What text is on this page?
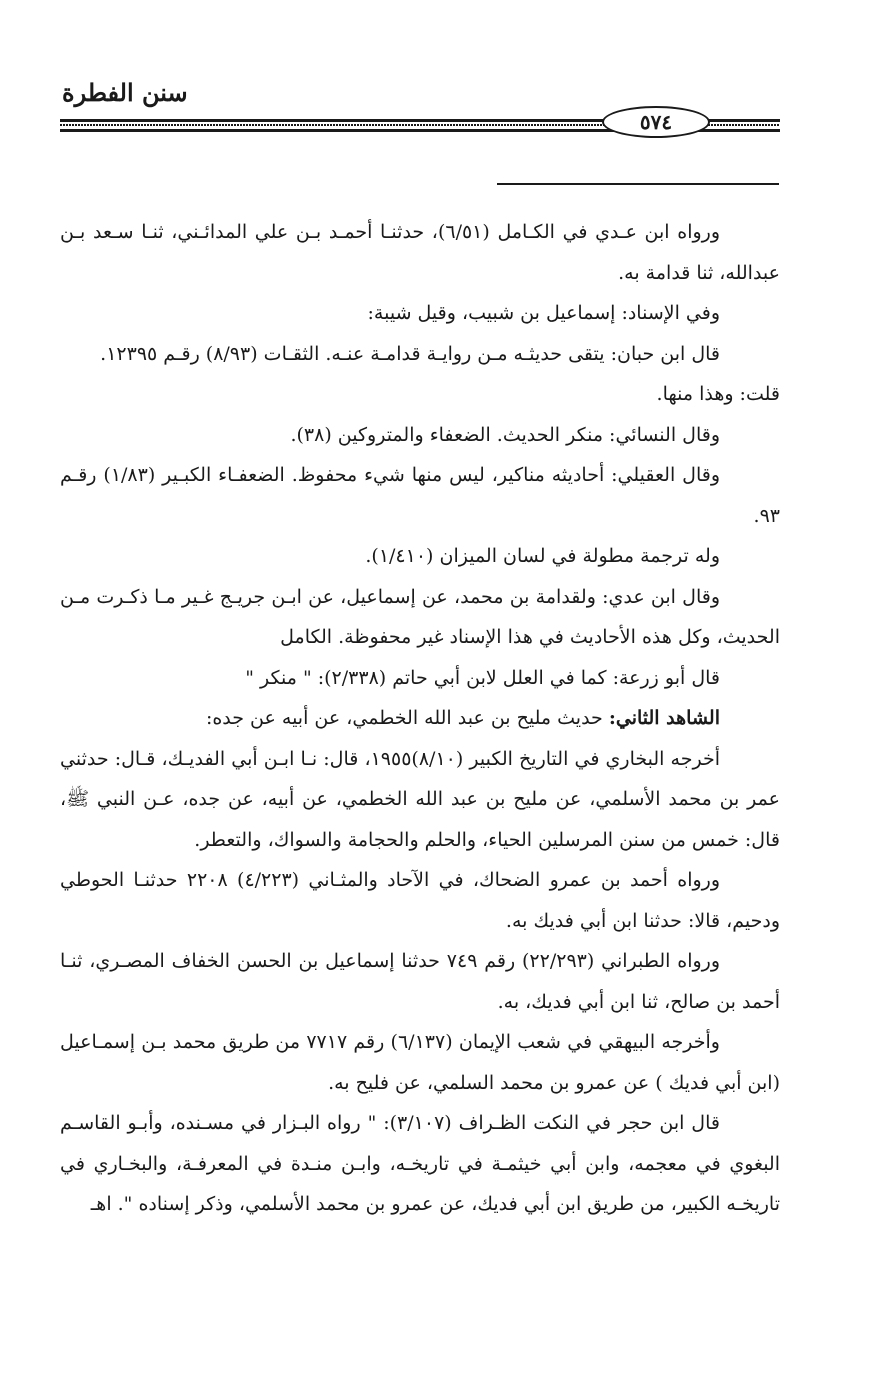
سنن الفطرة
٥٧٤

ورواه ابن عـدي في الكـامل (٦/٥١)، حدثنـا أحمـد بـن علي المدائـني، ثنـا سـعد بـن عبدالله، ثنا قدامة به.

وفي الإسناد: إسماعيل بن شبيب، وقيل شيبة:

قال ابن حبان: يتقى حديثـه مـن روايـة قدامـة عنـه. الثقـات (٨/٩٣) رقـم ١٢٣٩٥.

قلت: وهذا منها.

وقال النسائي: منكر الحديث. الضعفاء والمتروكين (٣٨).

وقال العقيلي: أحاديثه مناكير، ليس منها شيء محفوظ. الضعفـاء الكبـير (١/٨٣) رقـم ٩٣.

وله ترجمة مطولة في لسان الميزان (١/٤١٠).

وقال ابن عدي: ولقدامة بن محمد، عن إسماعيل، عن ابـن جريـج غـير مـا ذكـرت مـن الحديث، وكل هذه الأحاديث في هذا الإسناد غير محفوظة. الكامل

قال أبو زرعة: كما في العلل لابن أبي حاتم (٢/٣٣٨): " منكر "

الشاهد الثاني: حديث مليح بن عبد الله الخطمي، عن أبيه عن جده:

أخرجه البخاري في التاريخ الكبير (٨/١٠)١٩٥٥، قال: نـا ابـن أبي الفديـك، قـال: حدثني عمر بن محمد الأسلمي، عن مليح بن عبد الله الخطمي، عن أبيه، عن جده، عـن النبي ﷺ، قال: خمس من سنن المرسلين الحياء، والحلم والحجامة والسواك، والتعطر.

ورواه أحمد بن عمرو الضحاك، في الآحاد والمثـاني (٤/٢٢٣) ٢٢٠٨ حدثنـا الحوطي ودحيم، قالا: حدثنا ابن أبي فديك به.

ورواه الطبراني (٢٢/٢٩٣) رقم ٧٤٩ حدثنا إسماعيل بن الحسن الخفاف المصـري، ثنـا أحمد بن صالح، ثنا ابن أبي فديك، به.

وأخرجه البيهقي في شعب الإيمان (٦/١٣٧) رقم ٧٧١٧ من طريق محمد بـن إسمـاعيل (ابن أبي فديك ) عن عمرو بن محمد السلمي، عن فليح به.

قال ابن حجر في النكت الظـراف (٣/١٠٧): " رواه البـزار في مسـنده، وأبـو القاسـم البغوي في معجمه، وابن أبي خيثمـة في تاريخـه، وابـن منـدة في المعرفـة، والبخـاري في تاريخـه الكبير، من طريق ابن أبي فديك، عن عمرو بن محمد الأسلمي، وذكر إسناده ". اهـ
